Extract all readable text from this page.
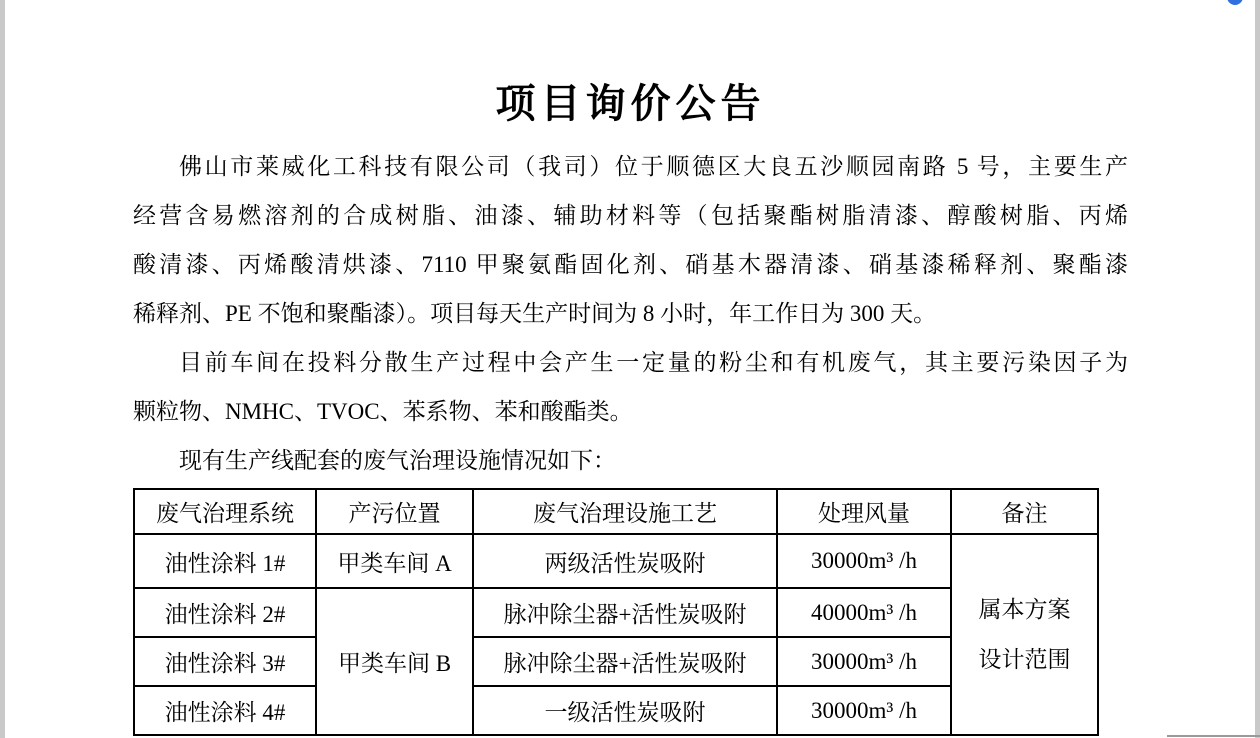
项目询价公告
佛山市莱威化工科技有限公司（我司）位于顺德区大良五沙顺园南路 5 号，主要生产
经营含易燃溶剂的合成树脂、油漆、辅助材料等（包括聚酯树脂清漆、醇酸树脂、丙烯
酸清漆、丙烯酸清烘漆、7110 甲聚氨酯固化剂、硝基木器清漆、硝基漆稀释剂、聚酯漆
稀释剂、PE 不饱和聚酯漆）。项目每天生产时间为 8 小时，年工作日为 300 天。
目前车间在投料分散生产过程中会产生一定量的粉尘和有机废气，其主要污染因子为
颗粒物、NMHC、TVOC、苯系物、苯和酸酯类。
现有生产线配套的废气治理设施情况如下：
废气治理系统	产污位置	废气治理设施工艺	处理风量	备注
油性涂料 1#	甲类车间 A	两级活性炭吸附	30000m³ /h	属本方案
设计范围

油性涂料 2#	甲类车间 B	脉冲除尘器+活性炭吸附	40000m³ /h	
油性涂料 3#		脉冲除尘器+活性炭吸附	30000m³ /h	
油性涂料 4#		一级活性炭吸附	30000m³ /h	
